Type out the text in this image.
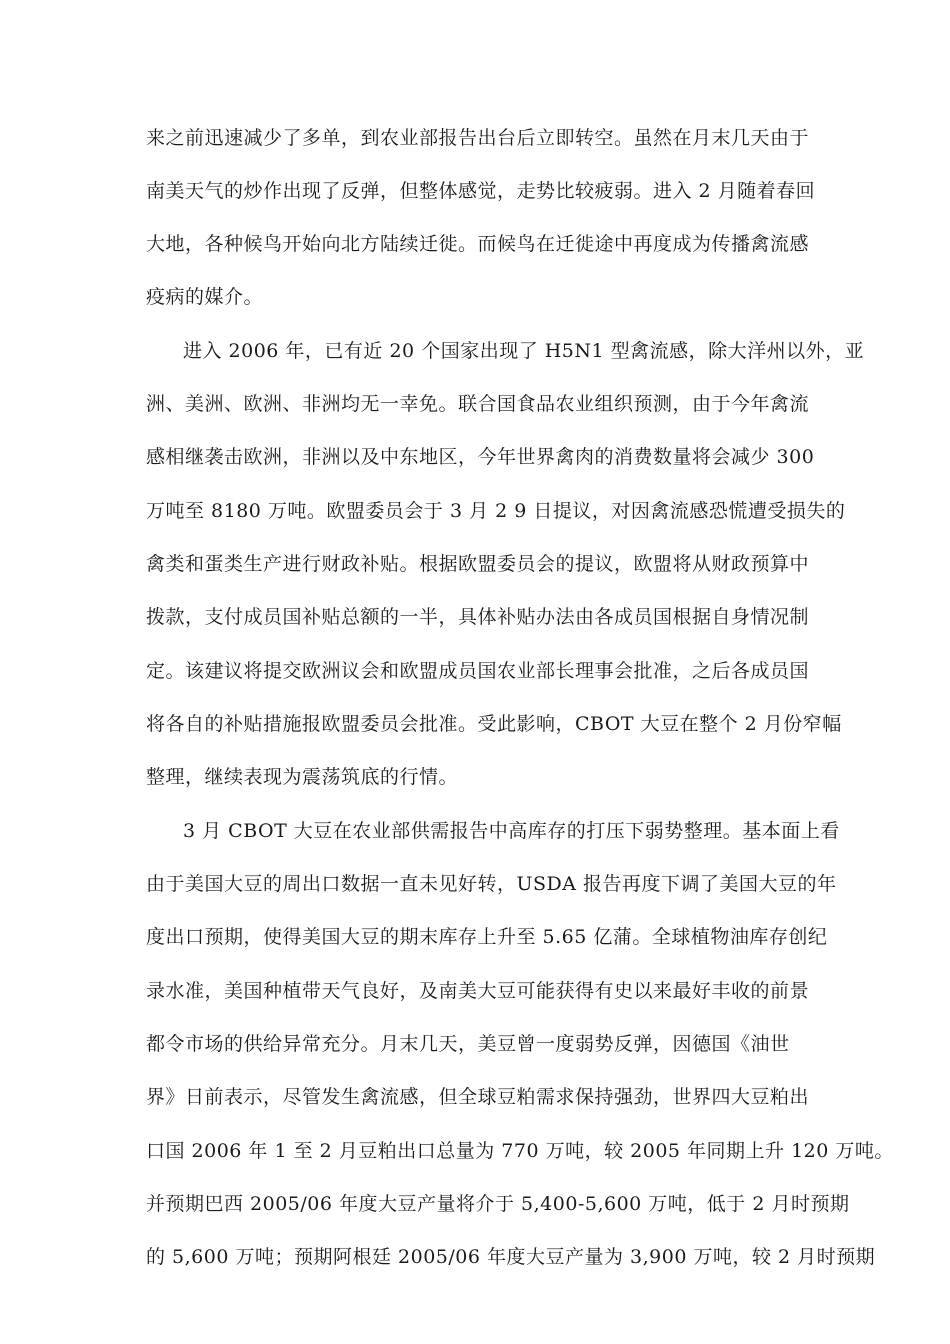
来之前迅速减少了多单，到农业部报告出台后立即转空。虽然在月末几天由于
南美天气的炒作出现了反弹，但整体感觉，走势比较疲弱。进入 2 月随着春回
大地，各种候鸟开始向北方陆续迁徙。而候鸟在迁徙途中再度成为传播禽流感
疫病的媒介。
进入 2006 年，已有近 20 个国家出现了 H5N1 型禽流感，除大洋州以外，亚
洲、美洲、欧洲、非洲均无一幸免。联合国食品农业组织预测，由于今年禽流
感相继袭击欧洲，非洲以及中东地区，今年世界禽肉的消费数量将会减少 300
万吨至 8180 万吨。欧盟委员会于 3 月 2 9 日提议，对因禽流感恐慌遭受损失的
禽类和蛋类生产进行财政补贴。根据欧盟委员会的提议，欧盟将从财政预算中
拨款，支付成员国补贴总额的一半，具体补贴办法由各成员国根据自身情况制
定。该建议将提交欧洲议会和欧盟成员国农业部长理事会批准，之后各成员国
将各自的补贴措施报欧盟委员会批准。受此影响，CBOT 大豆在整个 2 月份窄幅
整理，继续表现为震荡筑底的行情。
3 月 CBOT 大豆在农业部供需报告中高库存的打压下弱势整理。基本面上看
由于美国大豆的周出口数据一直未见好转，USDA 报告再度下调了美国大豆的年
度出口预期，使得美国大豆的期末库存上升至 5.65 亿蒲。全球植物油库存创纪
录水准，美国种植带天气良好，及南美大豆可能获得有史以来最好丰收的前景
都令市场的供给异常充分。月末几天，美豆曾一度弱势反弹，因德国《油世
界》日前表示，尽管发生禽流感，但全球豆粕需求保持强劲，世界四大豆粕出
口国 2006 年 1 至 2 月豆粕出口总量为 770 万吨，较 2005 年同期上升 120 万吨。
并预期巴西 2005/06 年度大豆产量将介于 5,400-5,600 万吨，低于 2 月时预期
的 5,600 万吨；预期阿根廷 2005/06 年度大豆产量为 3,900 万吨，较 2 月时预期
